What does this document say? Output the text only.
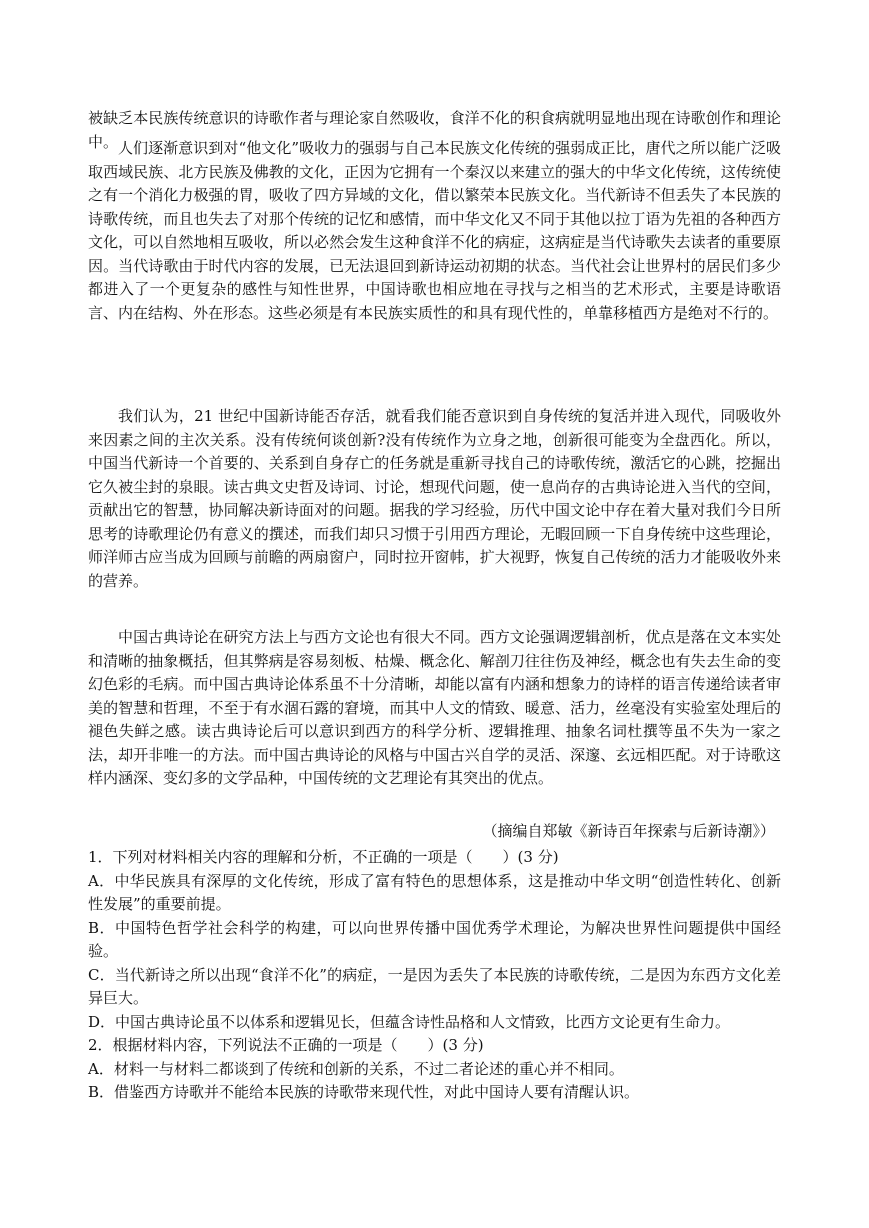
被缺乏本民族传统意识的诗歌作者与理论家自然吸收，食洋不化的积食病就明显地出现在诗歌创作和理论中。 人们逐渐意识到对“他文化”吸收力的强弱与自己本民族文化传统的强弱成正比，唐代之所以能广泛吸取西域民族、北方民族及佛教的文化，正因为它拥有一个秦汉以来建立的强大的中华文化传统，这传统使之有一个消化力极强的胃，吸收了四方异域的文化，借以繁荣本民族文化。当代新诗不但丢失了本民族的诗歌传统，而且也失去了对那个传统的记忆和感情，而中华文化又不同于其他以拉丁语为先祖的各种西方文化，可以自然地相互吸收，所以必然会发生这种食洋不化的病症，这病症是当代诗歌失去读者的重要原因。当代诗歌由于时代内容的发展，已无法退回到新诗运动初期的状态。当代社会让世界村的居民们多少都进入了一个更复杂的感性与知性世界，中国诗歌也相应地在寻找与之相当的艺术形式，主要是诗歌语言、内在结构、外在形态。这些必须是有本民族实质性的和具有现代性的，单靠移植西方是绝对不行的。

我们认为，21 世纪中国新诗能否存活，就看我们能否意识到自身传统的复活并进入现代，同吸收外来因素之间的主次关系。没有传统何谈创新?没有传统作为立身之地，创新很可能变为全盘西化。所以，中国当代新诗一个首要的、关系到自身存亡的任务就是重新寻找自己的诗歌传统，激活它的心跳，挖掘出它久被尘封的泉眼。读古典文史哲及诗词、讨论，想现代问题，使一息尚存的古典诗论进入当代的空间，贡献出它的智慧，协同解决新诗面对的问题。据我的学习经验，历代中国文论中存在着大量对我们今日所思考的诗歌理论仍有意义的撰述，而我们却只习惯于引用西方理论，无暇回顾一下自身传统中这些理论，师洋师古应当成为回顾与前瞻的两扇窗户，同时拉开窗帏，扩大视野，恢复自己传统的活力才能吸收外来的营养。

中国古典诗论在研究方法上与西方文论也有很大不同。西方文论强调逻辑剖析，优点是落在文本实处和清晰的抽象概括，但其弊病是容易刻板、枯燥、概念化、解剖刀往往伤及神经，概念也有失去生命的变幻色彩的毛病。而中国古典诗论体系虽不十分清晰，却能以富有内涵和想象力的诗样的语言传递给读者审美的智慧和哲理，不至于有水涸石露的窘境，而其中人文的情致、暖意、活力，丝毫没有实验室处理后的褪色失鲜之感。读古典诗论后可以意识到西方的科学分析、逻辑推理、抽象名词杜撰等虽不失为一家之法，却开非唯一的方法。而中国古典诗论的风格与中国古兴自学的灵活、深邃、玄远相匹配。对于诗歌这样内涵深、变幻多的文学品种，中国传统的文艺理论有其突出的优点。

（摘编自郑敏《新诗百年探索与后新诗潮》）

1．下列对材料相关内容的理解和分析，不正确的一项是（　　）(3 分)

A．中华民族具有深厚的文化传统，形成了富有特色的思想体系，这是推动中华文明“创造性转化、创新性发展”的重要前提。

B．中国特色哲学社会科学的构建，可以向世界传播中国优秀学术理论，为解决世界性问题提供中国经验。

C．当代新诗之所以出现“食洋不化”的病症，一是因为丢失了本民族的诗歌传统，二是因为东西方文化差异巨大。

D．中国古典诗论虽不以体系和逻辑见长，但蕴含诗性品格和人文情致，比西方文论更有生命力。

2．根据材料内容，下列说法不正确的一项是（　　）(3 分)

A．材料一与材料二都谈到了传统和创新的关系，不过二者论述的重心并不相同。

B．借鉴西方诗歌并不能给本民族的诗歌带来现代性，对此中国诗人要有清醒认识。
